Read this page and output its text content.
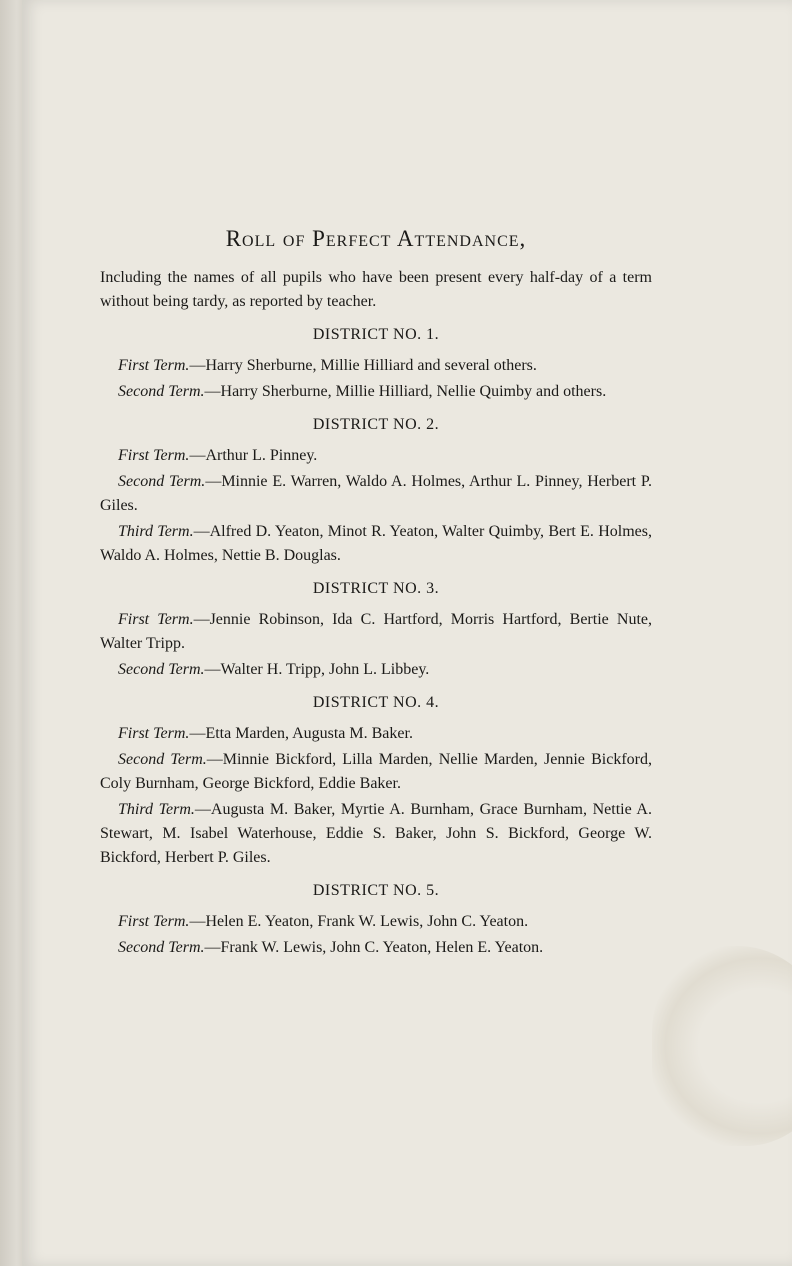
Roll of Perfect Attendance,

Including the names of all pupils who have been present every half-day of a term without being tardy, as reported by teacher.

DISTRICT NO. 1.

First Term.—Harry Sherburne, Millie Hilliard and several others.

Second Term.—Harry Sherburne, Millie Hilliard, Nellie Quimby and others.

DISTRICT NO. 2.

First Term.—Arthur L. Pinney.

Second Term.—Minnie E. Warren, Waldo A. Holmes, Arthur L. Pinney, Herbert P. Giles.

Third Term.—Alfred D. Yeaton, Minot R. Yeaton, Walter Quimby, Bert E. Holmes, Waldo A. Holmes, Nettie B. Douglas.

DISTRICT NO. 3.

First Term.—Jennie Robinson, Ida C. Hartford, Morris Hartford, Bertie Nute, Walter Tripp.

Second Term.—Walter H. Tripp, John L. Libbey.

DISTRICT NO. 4.

First Term.—Etta Marden, Augusta M. Baker.

Second Term.—Minnie Bickford, Lilla Marden, Nellie Marden, Jennie Bickford, Coly Burnham, George Bickford, Eddie Baker.

Third Term.—Augusta M. Baker, Myrtie A. Burnham, Grace Burnham, Nettie A. Stewart, M. Isabel Waterhouse, Eddie S. Baker, John S. Bickford, George W. Bickford, Herbert P. Giles.

DISTRICT NO. 5.

First Term.—Helen E. Yeaton, Frank W. Lewis, John C. Yeaton.

Second Term.—Frank W. Lewis, John C. Yeaton, Helen E. Yeaton.
